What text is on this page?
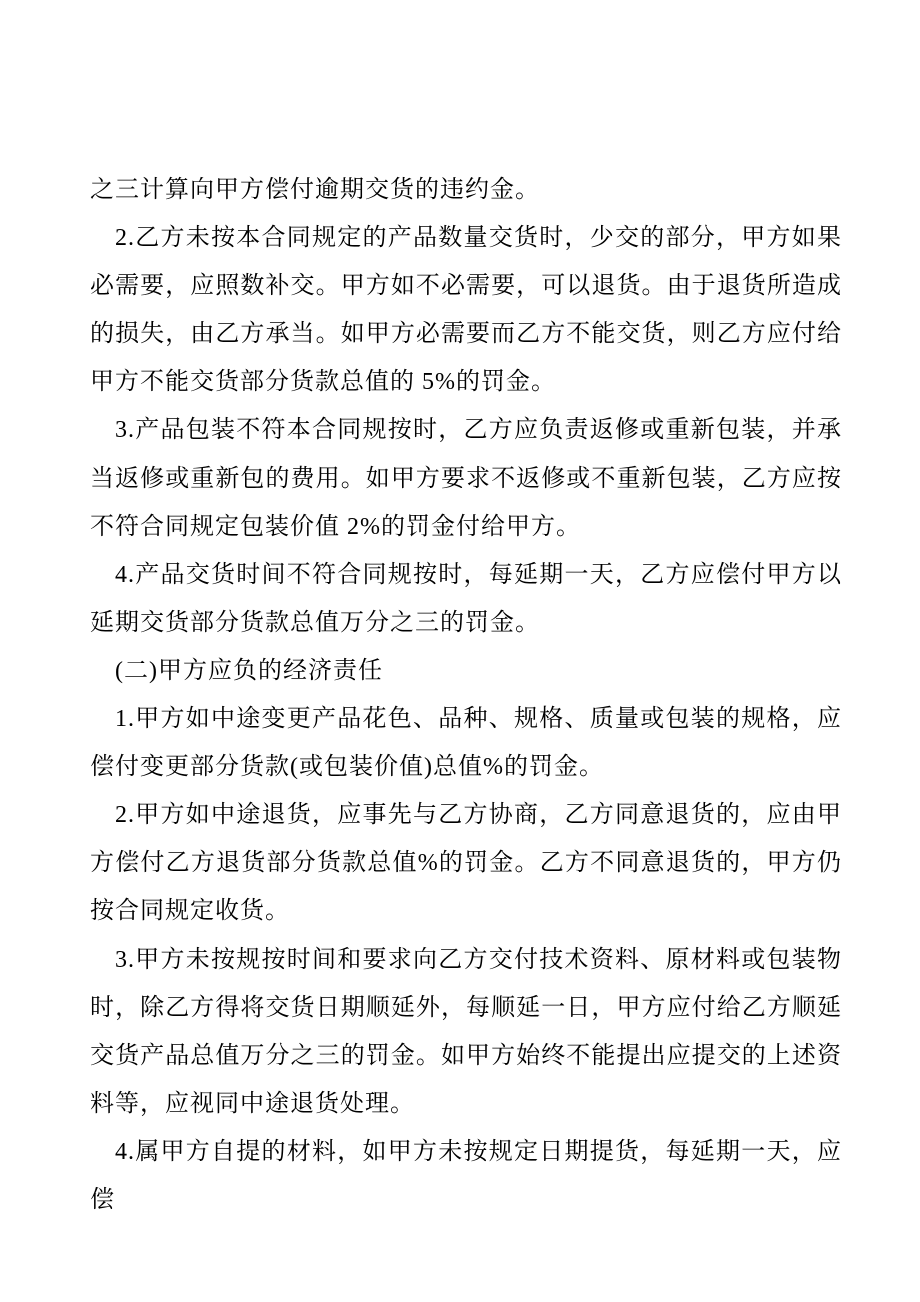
之三计算向甲方偿付逾期交货的违约金。

2.乙方未按本合同规定的产品数量交货时，少交的部分，甲方如果必需要，应照数补交。甲方如不必需要，可以退货。由于退货所造成的损失，由乙方承当。如甲方必需要而乙方不能交货，则乙方应付给甲方不能交货部分货款总值的 5%的罚金。

3.产品包装不符本合同规按时，乙方应负责返修或重新包装，并承当返修或重新包的费用。如甲方要求不返修或不重新包装，乙方应按不符合同规定包装价值 2%的罚金付给甲方。

4.产品交货时间不符合同规按时，每延期一天，乙方应偿付甲方以延期交货部分货款总值万分之三的罚金。

(二)甲方应负的经济责任

1.甲方如中途变更产品花色、品种、规格、质量或包装的规格，应偿付变更部分货款(或包装价值)总值%的罚金。

2.甲方如中途退货，应事先与乙方协商，乙方同意退货的，应由甲方偿付乙方退货部分货款总值%的罚金。乙方不同意退货的，甲方仍按合同规定收货。

3.甲方未按规按时间和要求向乙方交付技术资料、原材料或包装物时，除乙方得将交货日期顺延外，每顺延一日，甲方应付给乙方顺延交货产品总值万分之三的罚金。如甲方始终不能提出应提交的上述资料等，应视同中途退货处理。

4.属甲方自提的材料，如甲方未按规定日期提货，每延期一天，应偿
